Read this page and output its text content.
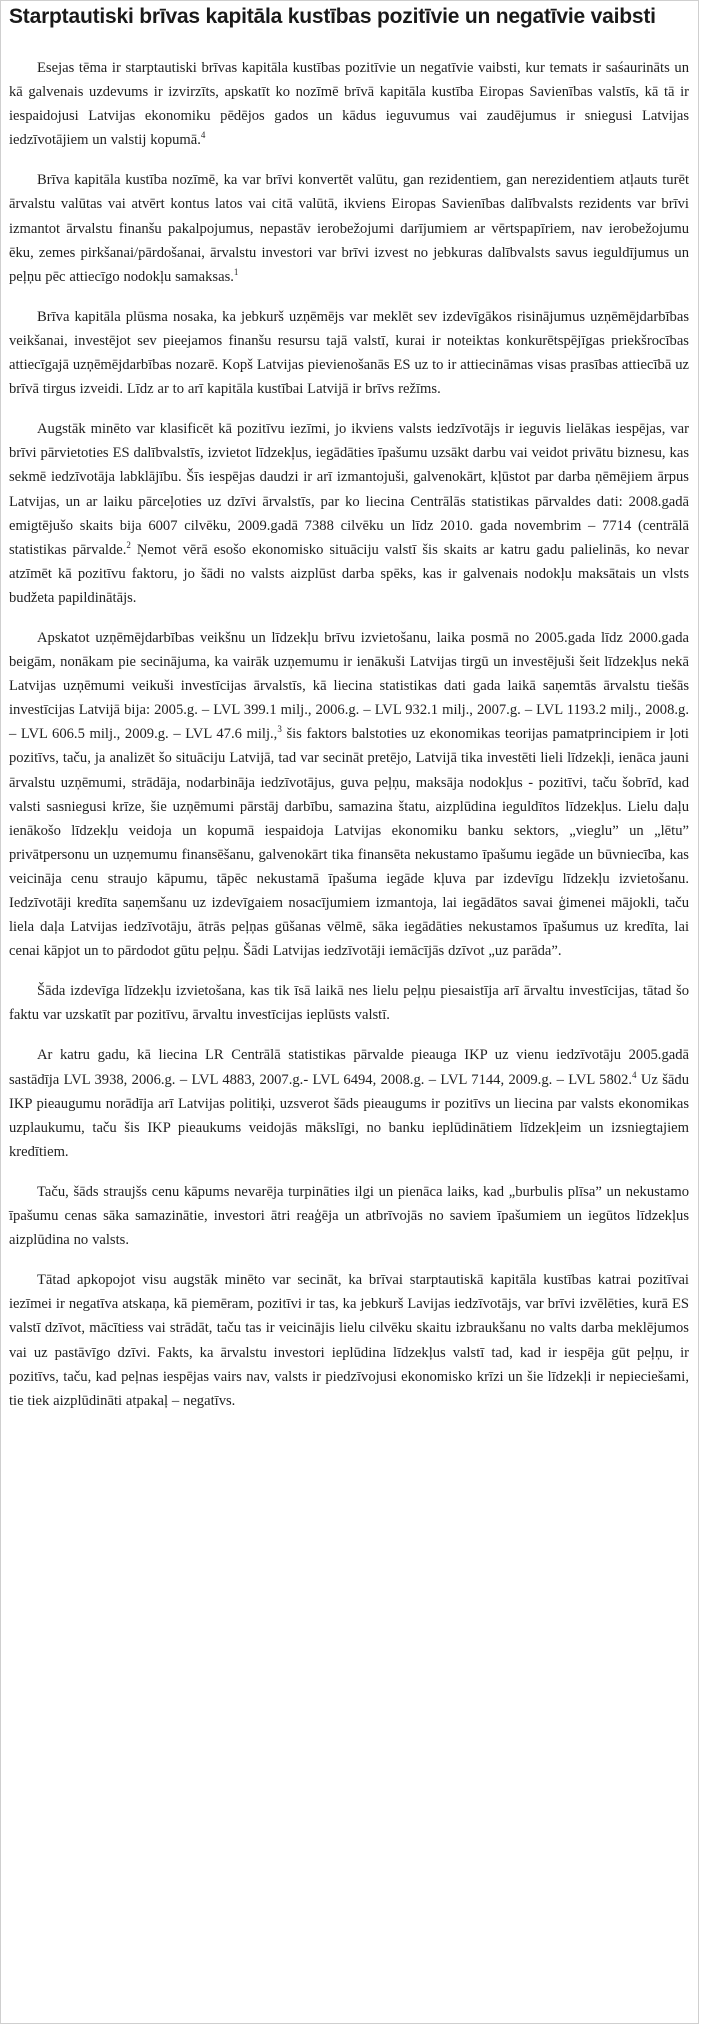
Starptautiski brīvas kapitāla kustības pozitīvie un negatīvie vaibsti

Esejas tēma ir starptautiski brīvas kapitāla kustības pozitīvie un negatīvie vaibsti, kur temats ir saśaurināts un kā galvenais uzdevums ir izvirzīts, apskatīt ko nozīmē brīvā kapitāla kustība Eiropas Savienības valstīs, kā tā ir iespaidojusi Latvijas ekonomiku pēdējos gados un kādus ieguvumus vai zaudējumus ir sniegusi Latvijas iedzīvotājiem un valstij kopumā.$^4$

Brīva kapitāla kustība nozīmē, ka var brīvi konvertēt valūtu, gan rezidentiem, gan nerezidentiem atļauts turēt ārvalstu valūtas vai atvērt kontus latos vai citā valūtā, ikviens Eiropas Savienības dalībvalsts rezidents var brīvi izmantot ārvalstu finanšu pakalpojumus, nepastāv ierobežojumi darījumiem ar vērtspapīriem, nav ierobežojumu ēku, zemes pirkšanai/pārdošanai, ārvalstu investori var brīvi izvest no jebkuras dalībvalsts savus ieguldījumus un peļņu pēc attiecīgo nodokļu samaksas.$^1$

Brīva kapitāla plūsma nosaka, ka jebkurš uzņēmējs var meklēt sev izdevīgākos risinājumus uzņēmējdarbības veikšanai, investējot sev pieejamos finanšu resursu tajā valstī, kurai ir noteiktas konkurētspējīgas priekšrocības attiecīgajā uzņēmējdarbības nozarē. Kopš Latvijas pievienošanās ES uz to ir attiecināmas visas prasības attiecībā uz brīvā tirgus izveidi. Līdz ar to arī kapitāla kustībai Latvijā ir brīvs režīms.

Augstāk minēto var klasificēt kā pozitīvu iezīmi, jo ikviens valsts iedzīvotājs ir ieguvis lielākas iespējas, var brīvi pārvietoties ES dalībvalstīs, izvietot līdzekļus, iegādāties īpašumu uzsākt darbu vai veidot privātu biznesu, kas sekmē iedzīvotāja labklājību. Šīs iespējas daudzi ir arī izmantojuši, galvenokārt, kļūstot par darba ņēmējiem ārpus Latvijas, un ar laiku pārceļoties uz dzīvi ārvalstīs, par ko liecina Centrālās statistikas pārvaldes dati: 2008.gadā emigtējušo skaits bija 6007 cilvēku, 2009.gadā 7388 cilvēku un līdz 2010. gada novembrim – 7714 (centrālā statistikas pārvalde.$^2$ Ņemot vērā esošo ekonomisko situāciju valstī šis skaits ar katru gadu palielinās, ko nevar atzīmēt kā pozitīvu faktoru, jo šādi no valsts aizplūst darba spēks, kas ir galvenais nodokļu maksātais un vlsts budžeta papildinātājs.

Apskatot uzņēmējdarbības veikšnu un līdzekļu brīvu izvietošanu, laika posmā no 2005.gada līdz 2000.gada beigām, nonākam pie secinājuma, ka vairāk uzņemumu ir ienākuši Latvijas tirgū un investējuši šeit līdzekļus nekā Latvijas uzņēmumi veikuši investīcijas ārvalstīs, kā liecina statistikas dati gada laikā saņemtās ārvalstu tiešās investīcijas Latvijā bija: 2005.g. – LVL 399.1 milj., 2006.g. – LVL 932.1 milj., 2007.g. – LVL 1193.2 milj., 2008.g. – LVL 606.5 milj., 2009.g. – LVL 47.6 milj.,$^3$ šis faktors balstoties uz ekonomikas teorijas pamatprincipiem ir ļoti pozitīvs, taču, ja analizēt šo situāciju Latvijā, tad var secināt pretējo, Latvijā tika investēti lieli līdzekļi, ienāca jauni ārvalstu uzņēmumi, strādāja, nodarbināja iedzīvotājus, guva peļņu, maksāja nodokļus - pozitīvi, taču šobrīd, kad valsti sasniegusi krīze, šie uzņēmumi pārstāj darbību, samazina štatu, aizplūdina ieguldītos līdzekļus. Lielu daļu ienākošo līdzekļu veidoja un kopumā iespaidoja Latvijas ekonomiku banku sektors, „vieglu” un „lētu” privātpersonu un uzņemumu finansēšanu, galvenokārt tika finansēta nekustamo īpašumu iegāde un būvniecība, kas veicināja cenu straujo kāpumu, tāpēc nekustamā īpašuma iegāde kļuva par izdevīgu līdzekļu izvietošanu. Iedzīvotāji kredīta saņemšanu uz izdevīgaiem nosacījumiem izmantoja, lai iegādātos savai ģimenei mājokli, taču liela daļa Latvijas iedzīvotāju, ātrās peļņas gūšanas vēlmē, sāka iegādāties nekustamos īpašumus uz kredīta, lai cenai kāpjot un to pārdodot gūtu peļņu. Šādi Latvijas iedzīvotāji iemācījās dzīvot „uz parāda”.

Šāda izdevīga līdzekļu izvietošana, kas tik īsā laikā nes lielu peļņu piesaistīja arī ārvaltu investīcijas, tātad šo faktu var uzskatīt par pozitīvu, ārvaltu investīcijas ieplūsts valstī.

Ar katru gadu, kā liecina LR Centrālā statistikas pārvalde pieauga IKP uz vienu iedzīvotāju 2005.gadā sastādīja LVL 3938, 2006.g. – LVL 4883, 2007.g.- LVL 6494, 2008.g. – LVL 7144, 2009.g. – LVL 5802.$^4$ Uz šādu IKP pieaugumu norādīja arī Latvijas politiķi, uzsverot šāds pieaugums ir pozitīvs un liecina par valsts ekonomikas uzplaukumu, taču šis IKP pieaukums veidojās mākslīgi, no banku ieplūdinātiem līdzekļeim un izsniegtajiem kredītiem.

Taču, šāds straujšs cenu kāpums nevarēja turpināties ilgi un pienāca laiks, kad „burbulis plīsa” un nekustamo īpašumu cenas sāka samazinātie, investori ātri reaģēja un atbrīvojās no saviem īpašumiem un iegūtos līdzekļus aizplūdina no valsts.

Tātad apkopojot visu augstāk minēto var secināt, ka brīvai starptautiskā kapitāla kustības katrai pozitīvai iezīmei ir negatīva atskaņa, kā piemēram, pozitīvi ir tas, ka jebkurš Lavijas iedzīvotājs, var brīvi izvēlēties, kurā ES valstī dzīvot, mācītiess vai strādāt, taču tas ir veicinājis lielu cilvēku skaitu izbraukšanu no valts darba meklējumos vai uz pastāvīgo dzīvi. Fakts, ka ārvalstu investori ieplūdina līdzekļus valstī tad, kad ir iespēja gūt peļņu, ir pozitīvs, taču, kad peļnas iespējas vairs nav, valsts ir piedzīvojusi ekonomisko krīzi un šie līdzekļi ir nepieciešami, tie tiek aizplūdināti atpakaļ – negatīvs.
